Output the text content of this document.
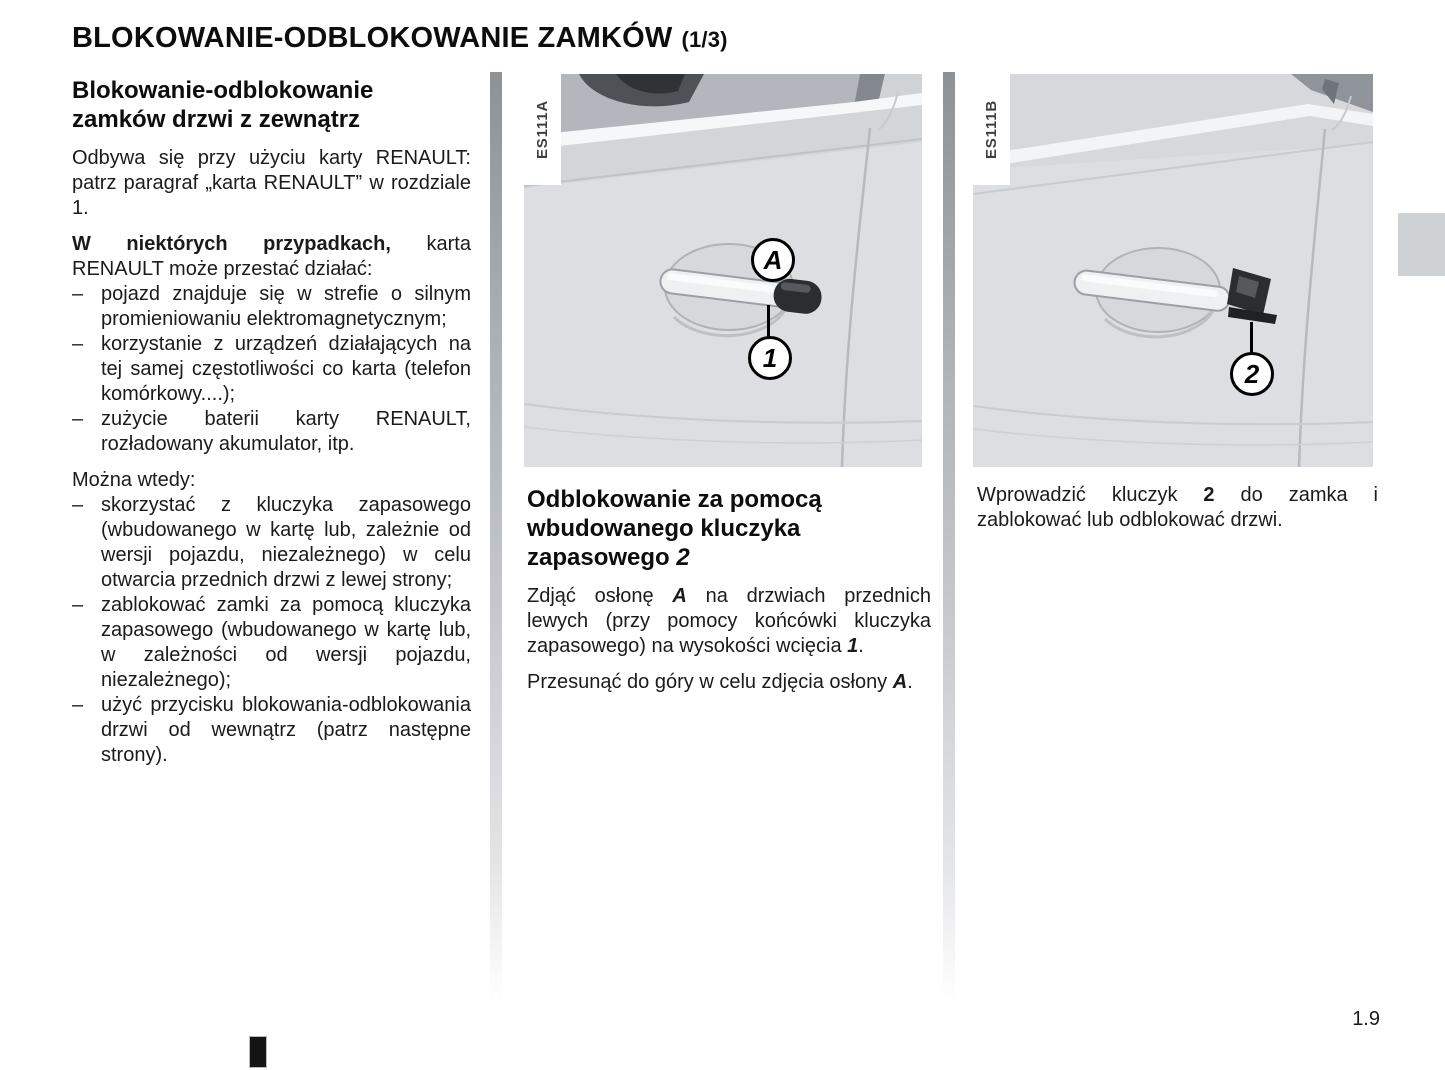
BLOKOWANIE-ODBLOKOWANIE ZAMKÓW (1/3)
Blokowanie-odblokowanie zamków drzwi z zewnątrz
Odbywa się przy użyciu karty RENAULT: patrz paragraf „karta RENAULT” w rozdziale 1.
W niektórych przypadkach, karta RENAULT może przestać działać:
– pojazd znajduje się w strefie o silnym promieniowaniu elektromagnetycznym;
– korzystanie z urządzeń działających na tej samej częstotliwości co karta (telefon komórkowy....);
– zużycie baterii karty RENAULT, rozładowany akumulator, itp.
Można wtedy:
– skorzystać z kluczyka zapasowego (wbudowanego w kartę lub, zależnie od wersji pojazdu, niezależnego) w celu otwarcia przednich drzwi z lewej strony;
– zablokować zamki za pomocą kluczyka zapasowego (wbudowanego w kartę lub, w zależności od wersji pojazdu, niezależnego);
– użyć przycisku blokowania-odblokowania drzwi od wewnątrz (patrz następne strony).
ES111A
A
1
ES111B
2
Odblokowanie za pomocą wbudowanego kluczyka zapasowego 2
Zdjąć osłonę A na drzwiach przednich lewych (przy pomocy końcówki kluczyka zapasowego) na wysokości wcięcia 1.
Przesunąć do góry w celu zdjęcia osłony A.
Wprowadzić kluczyk 2 do zamka i zablokować lub odblokować drzwi.
1.9
